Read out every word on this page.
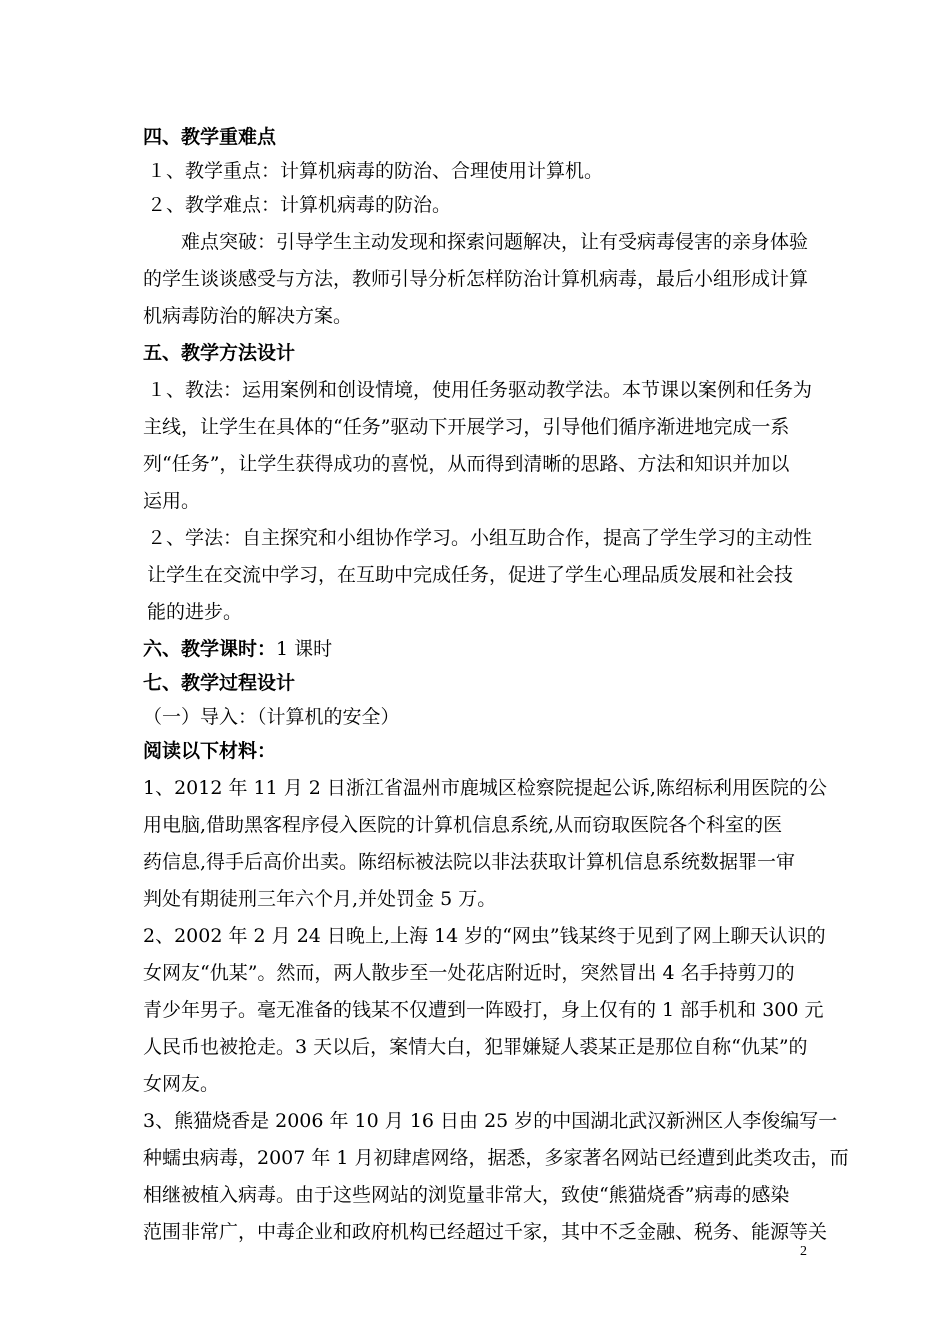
四、教学重难点
１、教学重点：计算机病毒的防治、合理使用计算机。
２、教学难点：计算机病毒的防治。
难点突破：引导学生主动发现和探索问题解决，让有受病毒侵害的亲身体验
的学生谈谈感受与方法，教师引导分析怎样防治计算机病毒，最后小组形成计算
机病毒防治的解决方案。
五、教学方法设计
１、教法：运用案例和创设情境，使用任务驱动教学法。本节课以案例和任务为
主线，让学生在具体的“任务”驱动下开展学习，引导他们循序渐进地完成一系
列“任务”，让学生获得成功的喜悦，从而得到清晰的思路、方法和知识并加以
运用。
２、学法：自主探究和小组协作学习。小组互助合作，提高了学生学习的主动性
让学生在交流中学习，在互助中完成任务，促进了学生心理品质发展和社会技
能的进步。
六、教学课时：1 课时
七、教学过程设计
（一）导入：（计算机的安全）
阅读以下材料：
1、2012 年 11 月 2 日浙江省温州市鹿城区检察院提起公诉,陈绍标利用医院的公
用电脑,借助黑客程序侵入医院的计算机信息系统,从而窃取医院各个科室的医
药信息,得手后高价出卖。陈绍标被法院以非法获取计算机信息系统数据罪一审
判处有期徒刑三年六个月,并处罚金 5 万。
2、2002 年 2 月 24 日晚上,上海 14 岁的“网虫”钱某终于见到了网上聊天认识的
女网友“仇某”。然而，两人散步至一处花店附近时，突然冒出 4 名手持剪刀的
青少年男子。毫无准备的钱某不仅遭到一阵殴打，身上仅有的 1 部手机和 300 元
人民币也被抢走。3 天以后，案情大白，犯罪嫌疑人裘某正是那位自称“仇某”的
女网友。
3、熊猫烧香是 2006 年 10 月 16 日由 25 岁的中国湖北武汉新洲区人李俊编写一
种蠕虫病毒，2007 年 1 月初肆虐网络，据悉，多家著名网站已经遭到此类攻击，而
相继被植入病毒。由于这些网站的浏览量非常大，致使“熊猫烧香”病毒的感染
范围非常广，中毒企业和政府机构已经超过千家，其中不乏金融、税务、能源等关
2
